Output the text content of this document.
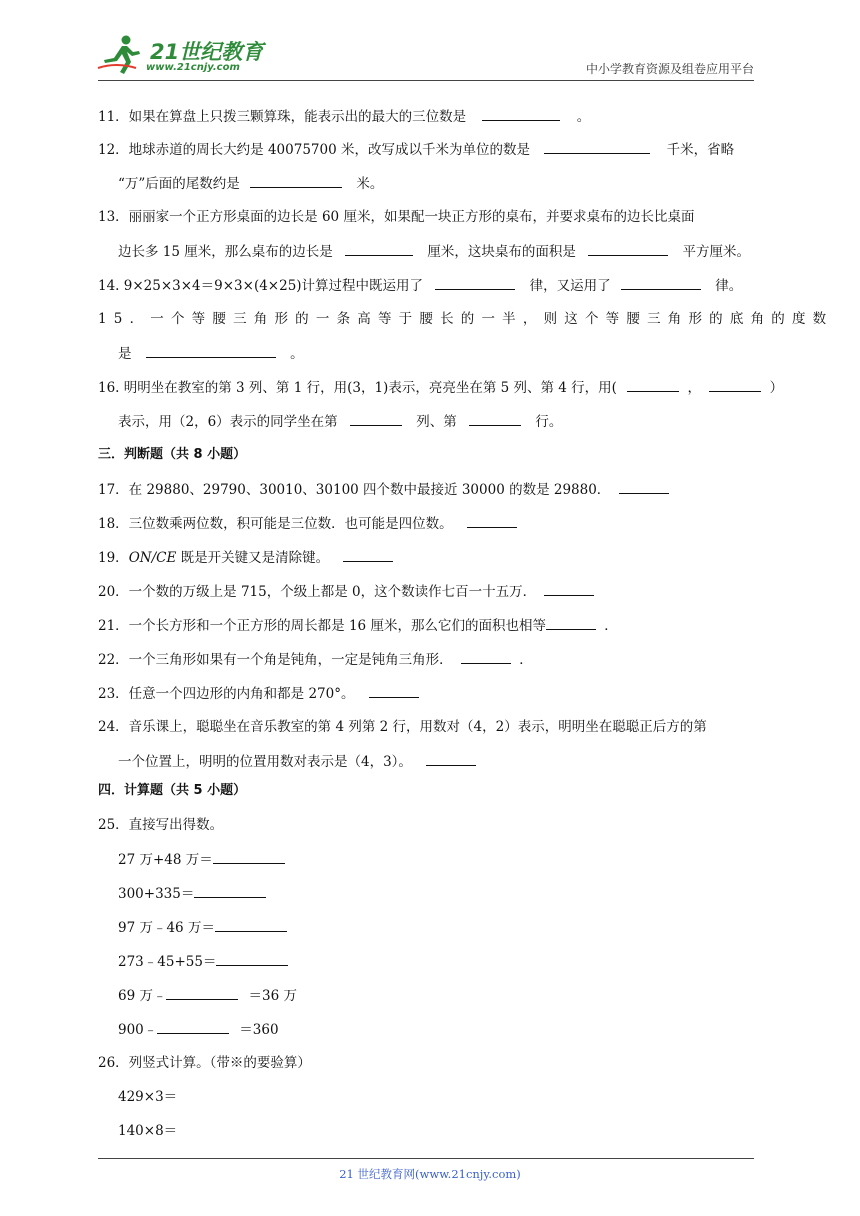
21世纪教育
www.21cnjy.com	中小学教育资源及组卷应用平台
11．如果在算盘上只拨三颗算珠，能表示出的最大的三位数是	。
12．地球赤道的周长大约是 40075700 米，改写成以千米为单位的数是	千米，省略
“万”后面的尾数约是	米。
13．丽丽家一个正方形桌面的边长是 60 厘米，如果配一块正方形的桌布，并要求桌布的边长比桌面
边长多 15 厘米，那么桌布的边长是	厘米，这块桌布的面积是	平方厘米。
14. 9×25×3×4＝9×3×(4×25)计算过程中既运用了	律，又运用了	律。
15．一个等腰三角形的一条高等于腰长的一半，则这个等腰三角形的底角的度数
是	。
16. 明明坐在教室的第 3 列、第 1 行，用(3，1)表示，亮亮坐在第 5 列、第 4 行，用(	，	）
表示，用（2，6）表示的同学坐在第	列、第	行。
三．判断题（共 8 小题）
17．在 29880、29790、30010、30100 四个数中最接近 30000 的数是 29880．
18．三位数乘两位数，积可能是三位数．也可能是四位数。
19．ON/CE 既是开关键又是清除键。
20．一个数的万级上是 715，个级上都是 0，这个数读作七百一十五万．
21．一个长方形和一个正方形的周长都是 16 厘米，那么它们的面积也相等	．
22．一个三角形如果有一个角是钝角，一定是钝角三角形．	．
23．任意一个四边形的内角和都是 270°。
24．音乐课上，聪聪坐在音乐教室的第 4 列第 2 行，用数对（4，2）表示，明明坐在聪聪正后方的第
一个位置上，明明的位置用数对表示是（4，3）。
四．计算题（共 5 小题）
25．直接写出得数。
27 万+48 万＝
300+335＝
97 万﹣46 万＝
273﹣45+55＝
69 万﹣	＝36 万
900﹣	＝360
26．列竖式计算。（带※的要验算）
429×3＝
140×8＝
21 世纪教育网(www.21cnjy.com)
